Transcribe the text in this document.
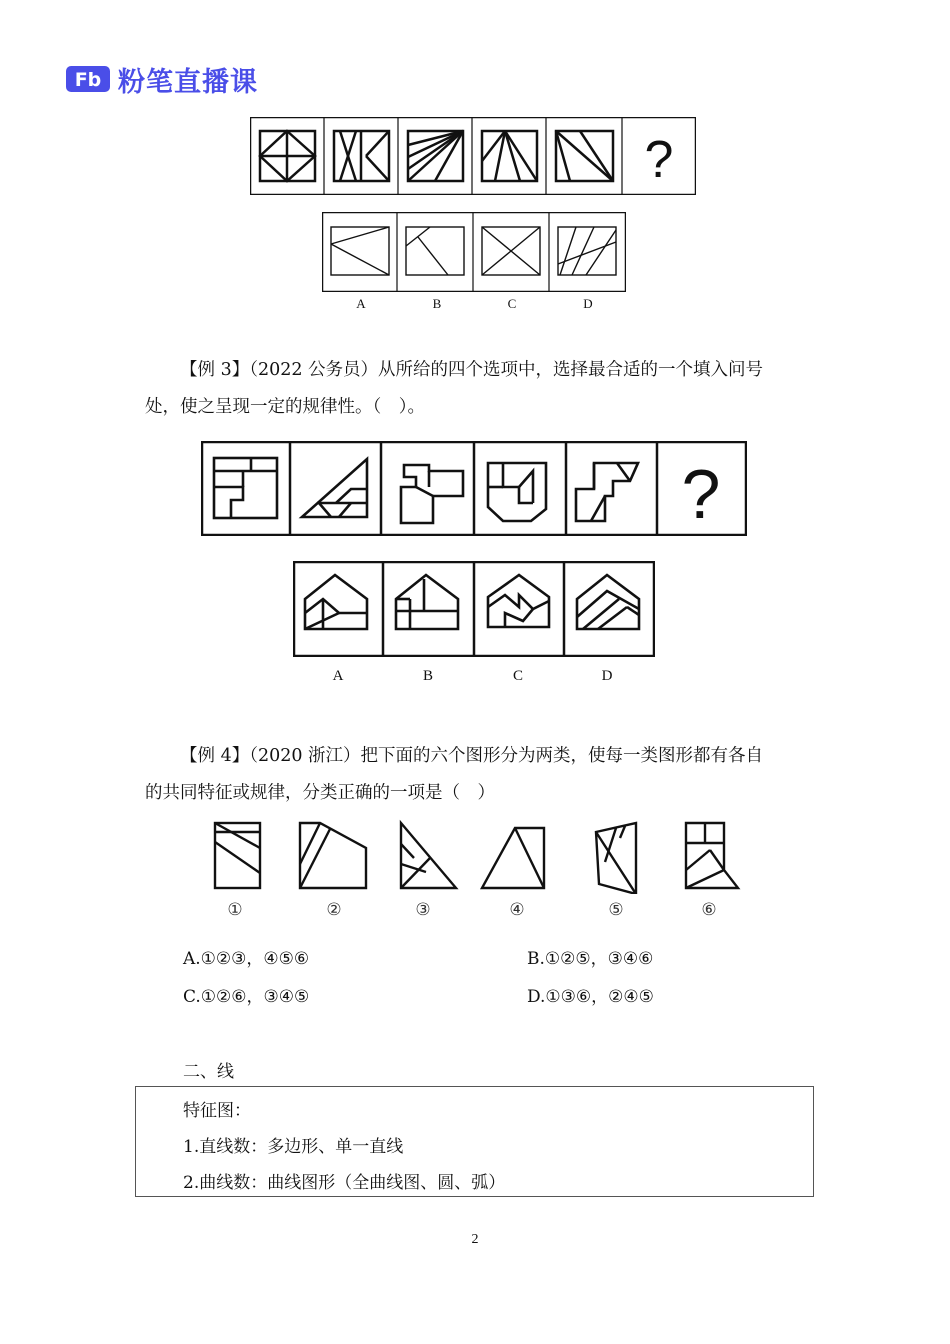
Fb 粉笔直播课
?
A	B	C	D
【例 3】（2022 公务员）从所给的四个选项中，选择最合适的一个填入问号
处，使之呈现一定的规律性。（　）。
?
A	B	C	D
【例 4】（2020 浙江）把下面的六个图形分为两类，使每一类图形都有各自
的共同特征或规律，分类正确的一项是（　）
①	②	③	④	⑤	⑥
A.①②③，④⑤⑥	B.①②⑤，③④⑥
C.①②⑥，③④⑤	D.①③⑥，②④⑤
二、线
特征图：
1.直线数：多边形、单一直线
2.曲线数：曲线图形（全曲线图、圆、弧）
2
